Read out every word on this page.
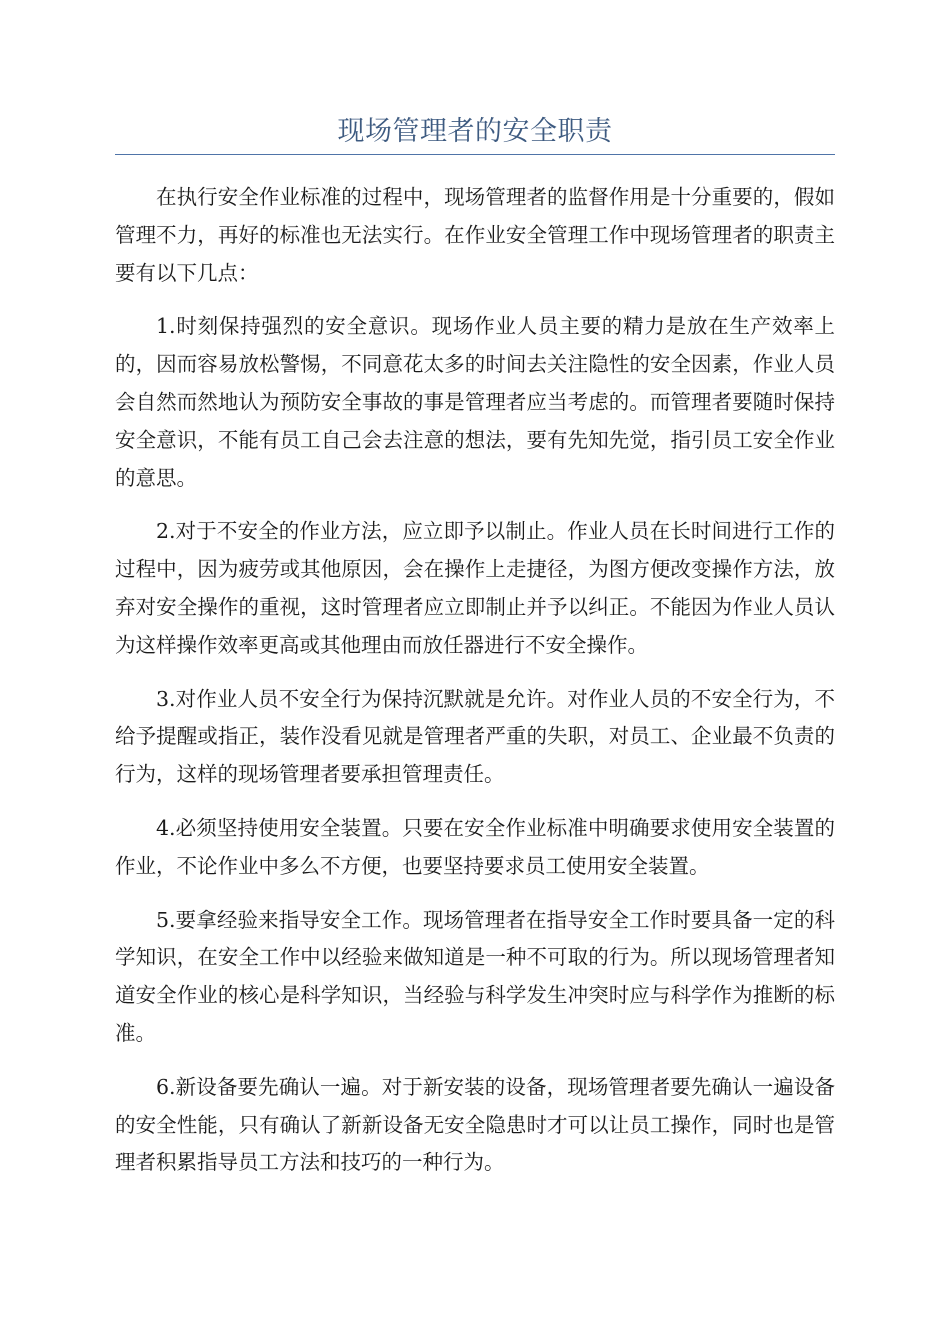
现场管理者的安全职责

在执行安全作业标准的过程中，现场管理者的监督作用是十分重要的，假如管理不力，再好的标准也无法实行。在作业安全管理工作中现场管理者的职责主要有以下几点：

1.时刻保持强烈的安全意识。现场作业人员主要的精力是放在生产效率上的，因而容易放松警惕，不同意花太多的时间去关注隐性的安全因素，作业人员会自然而然地认为预防安全事故的事是管理者应当考虑的。而管理者要随时保持安全意识，不能有员工自己会去注意的想法，要有先知先觉，指引员工安全作业的意思。

2.对于不安全的作业方法，应立即予以制止。作业人员在长时间进行工作的过程中，因为疲劳或其他原因，会在操作上走捷径，为图方便改变操作方法，放弃对安全操作的重视，这时管理者应立即制止并予以纠正。不能因为作业人员认为这样操作效率更高或其他理由而放任器进行不安全操作。

3.对作业人员不安全行为保持沉默就是允许。对作业人员的不安全行为，不给予提醒或指正，装作没看见就是管理者严重的失职，对员工、企业最不负责的行为，这样的现场管理者要承担管理责任。

4.必须坚持使用安全装置。只要在安全作业标准中明确要求使用安全装置的作业，不论作业中多么不方便，也要坚持要求员工使用安全装置。

5.要拿经验来指导安全工作。现场管理者在指导安全工作时要具备一定的科学知识，在安全工作中以经验来做知道是一种不可取的行为。所以现场管理者知道安全作业的核心是科学知识，当经验与科学发生冲突时应与科学作为推断的标准。

6.新设备要先确认一遍。对于新安装的设备，现场管理者要先确认一遍设备的安全性能，只有确认了新新设备无安全隐患时才可以让员工操作，同时也是管理者积累指导员工方法和技巧的一种行为。
